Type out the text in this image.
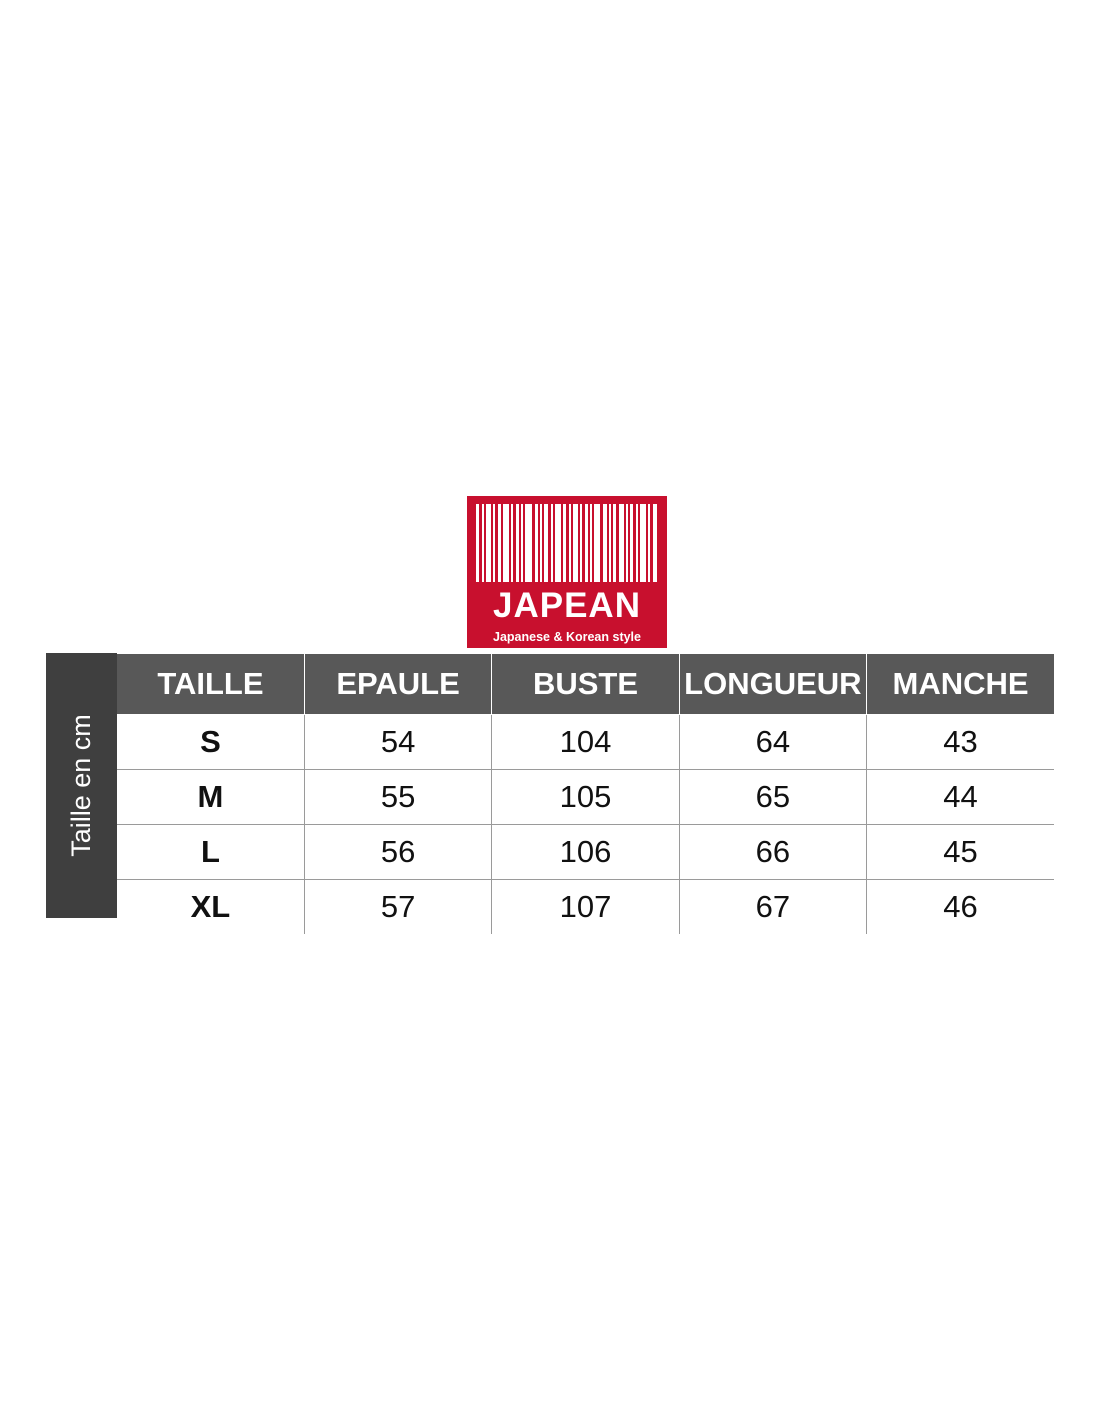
JAPEAN
Japanese & Korean style
Taille en cm
TAILLE	EPAULE	BUSTE	LONGUEUR	MANCHE
S	54	104	64	43
M	55	105	65	44
L	56	106	66	45
XL	57	107	67	46
